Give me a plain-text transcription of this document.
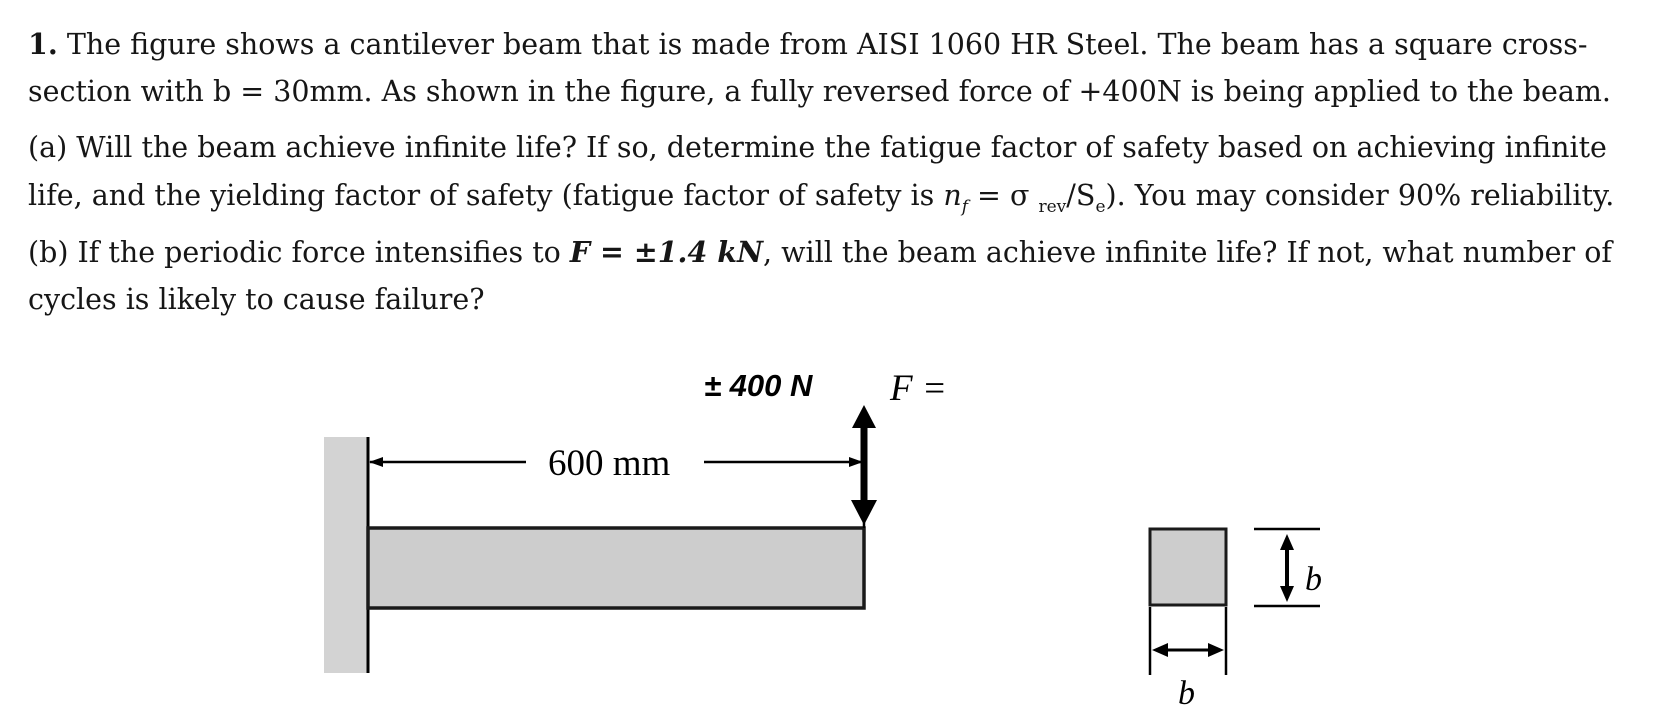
1. The figure shows a cantilever beam that is made from AISI 1060 HR Steel. The beam has a square cross-
section with b = 30mm. As shown in the figure, a fully reversed force of +400N is being applied to the beam.
(a) Will the beam achieve infinite life? If so, determine the fatigue factor of safety based on achieving infinite
life, and the yielding factor of safety (fatigue factor of safety is $n_f = \sigma$ $_{rev}/S_e$). You may consider 90% reliability.
(b) If the periodic force intensifies to F = ±1.4 kN, will the beam achieve infinite life? If not, what number of
cycles is likely to cause failure?
600 mm
± 400 N F =
b
b
